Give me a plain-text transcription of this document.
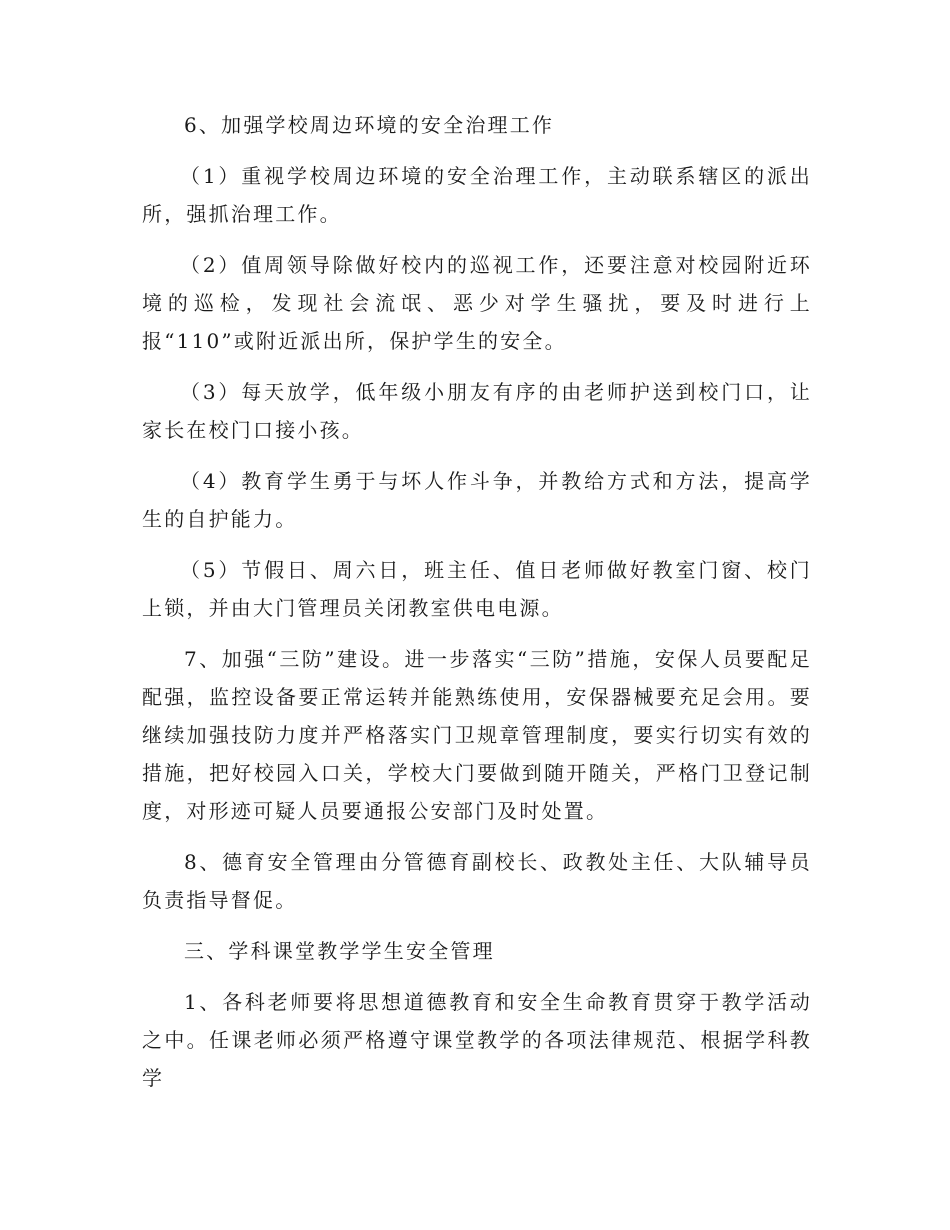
6、加强学校周边环境的安全治理工作

（1）重视学校周边环境的安全治理工作，主动联系辖区的派出所，强抓治理工作。

（2）值周领导除做好校内的巡视工作，还要注意对校园附近环境的巡检，发现社会流氓、恶少对学生骚扰，要及时进行上报“110”或附近派出所，保护学生的安全。

（3）每天放学，低年级小朋友有序的由老师护送到校门口，让家长在校门口接小孩。

（4）教育学生勇于与坏人作斗争，并教给方式和方法，提高学生的自护能力。

（5）节假日、周六日，班主任、值日老师做好教室门窗、校门上锁，并由大门管理员关闭教室供电电源。

7、加强“三防”建设。进一步落实“三防”措施，安保人员要配足配强，监控设备要正常运转并能熟练使用，安保器械要充足会用。要继续加强技防力度并严格落实门卫规章管理制度，要实行切实有效的措施，把好校园入口关，学校大门要做到随开随关，严格门卫登记制度，对形迹可疑人员要通报公安部门及时处置。

8、德育安全管理由分管德育副校长、政教处主任、大队辅导员负责指导督促。

三、学科课堂教学学生安全管理

1、各科老师要将思想道德教育和安全生命教育贯穿于教学活动之中。任课老师必须严格遵守课堂教学的各项法律规范、根据学科教学
